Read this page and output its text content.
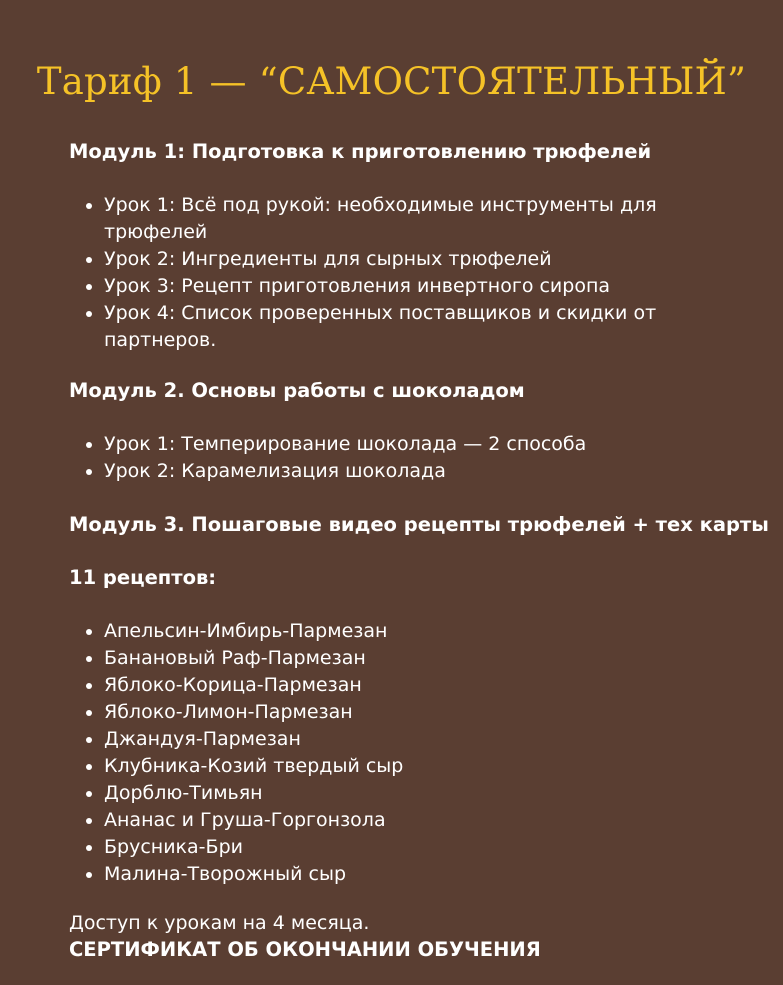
Тариф 1 — “САМОСТОЯТЕЛЬНЫЙ”
Модуль 1: Подготовка к приготовлению трюфелей
Урок 1: Всё под рукой: необходимые инструменты для трюфелей
Урок 2: Ингредиенты для сырных трюфелей
Урок 3: Рецепт приготовления инвертного сиропа
Урок 4: Список проверенных поставщиков и скидки от партнеров.
Модуль 2. Основы работы с шоколадом
Урок 1: Темперирование шоколада — 2 способа
Урок 2: Карамелизация шоколада
Модуль 3. Пошаговые видео рецепты трюфелей + тех карты
11 рецептов:
Апельсин-Имбирь-Пармезан
Банановый Раф-Пармезан
Яблоко-Корица-Пармезан
Яблоко-Лимон-Пармезан
Джандуя-Пармезан
Клубника-Козий твердый сыр
Дорблю-Тимьян
Ананас и Груша-Горгонзола
Брусника-Бри
Малина-Творожный сыр
Доступ к урокам на 4 месяца.
СЕРТИФИКАТ ОБ ОКОНЧАНИИ ОБУЧЕНИЯ
